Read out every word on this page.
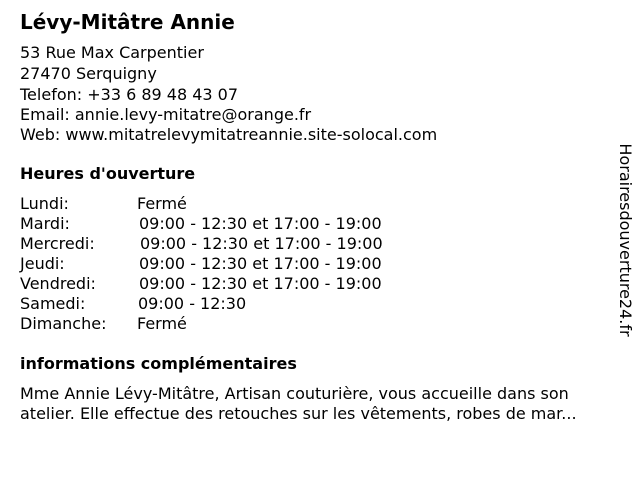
Lévy-Mitâtre Annie
53 Rue Max Carpentier
27470 Serquigny
Telefon: +33 6 89 48 43 07
Email: annie.levy-mitatre@orange.fr
Web: www.mitatrelevymitatreannie.site-solocal.com
Heures d'ouverture
Lundi:	Fermé
Mardi:	09:00 - 12:30 et 17:00 - 19:00
Mercredi:	09:00 - 12:30 et 17:00 - 19:00
Jeudi:	09:00 - 12:30 et 17:00 - 19:00
Vendredi:	09:00 - 12:30 et 17:00 - 19:00
Samedi:	09:00 - 12:30
Dimanche: Fermé
informations complémentaires
Mme Annie Lévy-Mitâtre, Artisan couturière, vous accueille dans son
atelier. Elle effectue des retouches sur les vêtements, robes de mar...
Horairesdouverture24.fr
